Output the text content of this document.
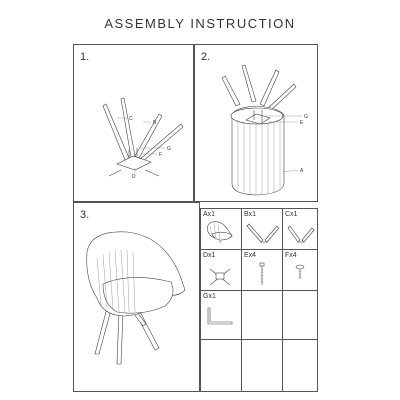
ASSEMBLY INSTRUCTION
1.
C
B
G
F
D
2.
G
E
A
3.	Ax1	Bx1	Cx1
Dx1	Ex4	Fx4
Gx1
